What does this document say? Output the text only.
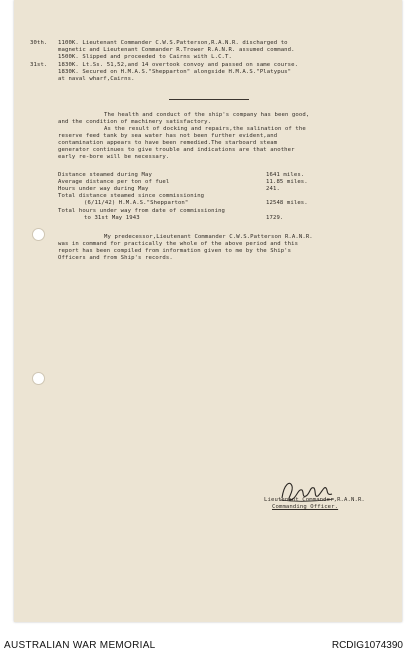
30th. 1100K. Lieutenant Commander C.W.S.Patterson,R.A.N.R. discharged to
magnetic and Lieutenant Commander R.Trower R.A.N.R. assumed command.
1500K. Slipped and proceeded to Cairns with L.C.T.
31st. 1830K. Lt.Ss. 51,52,and 14 overtook convoy and passed on same course.
1830K. Secured on H.M.A.S."Shepparton" alongside H.M.A.S."Platypus"
at naval wharf,Cairns.
The health and conduct of the ship's company has been good,
and the condition of machinery satisfactory.
As the result of docking and repairs,the salination of the
reserve feed tank by sea water has not been further evident,and
contamination appears to have been remedied.The starboard steam
generator continues to give trouble and indications are that another
early re-bore will be necessary.
Distance steamed during May	1641 miles.
Average distance per ton of fuel	11.85 miles.
Hours under way during May	241.
Total distance steamed since commissioning
(6/11/42) H.M.A.S."Shepparton"	12548 miles.
Total hours under way from date of commissioning
to 31st May 1943	1729.
My predecessor,Lieutenant Commander C.W.S.Patterson R.A.N.R.
was in command for practically the whole of the above period and this
report has been compiled from information given to me by the Ship's
Officers and from Ship's records.
Lieutenant Commander,R.A.N.R.
Commanding Officer.
AUSTRALIAN WAR MEMORIAL	RCDIG1074390
